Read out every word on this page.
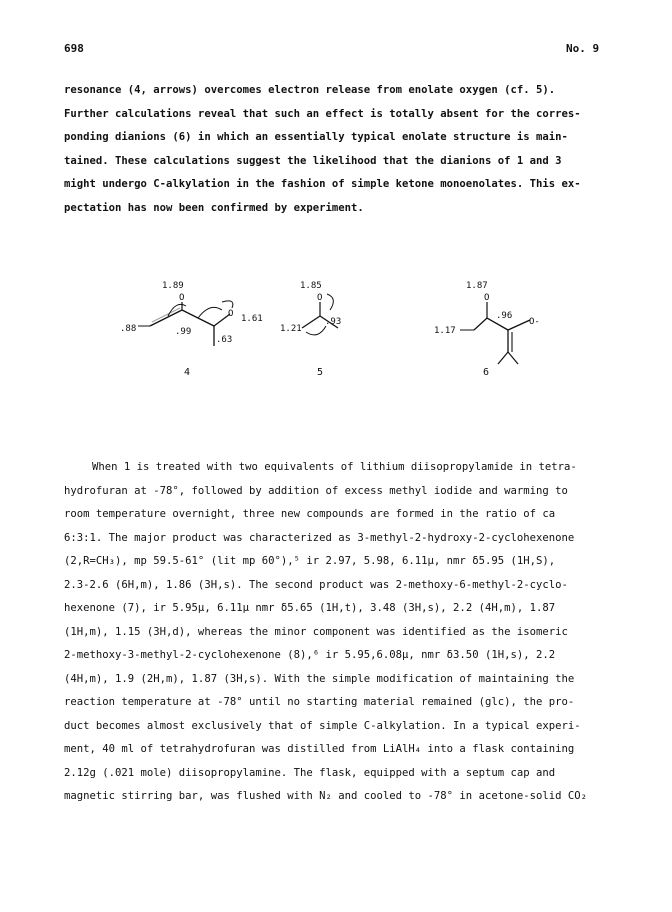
698	No. 9
resonance (4, arrows) overcomes electron release from enolate oxygen (cf. 5).
Further calculations reveal that such an effect is totally absent for the corres-
ponding dianions (6) in which an essentially typical enolate structure is main-
tained. These calculations suggest the likelihood that the dianions of 1 and 3
might undergo C-alkylation in the fashion of simple ketone monoenolates. This ex-
pectation has now been confirmed by experiment.
1.89
O
O 1.61
.88	.99
.63
4
1.85
O
.93
1.21
5
1.87
O
O-
.96
1.17
6
When 1 is treated with two equivalents of lithium diisopropylamide in tetra-
hydrofuran at -78°, followed by addition of excess methyl iodide and warming to
room temperature overnight, three new compounds are formed in the ratio of ca
6:3:1. The major product was characterized as 3-methyl-2-hydroxy-2-cyclohexenone
(2,R=CH₃), mp 59.5-61° (lit mp 60°),⁵ ir 2.97, 5.98, 6.11μ, nmr δ5.95 (1H,S),
2.3-2.6 (6H,m), 1.86 (3H,s). The second product was 2-methoxy-6-methyl-2-cyclo-
hexenone (7), ir 5.95μ, 6.11μ nmr δ5.65 (1H,t), 3.48 (3H,s), 2.2 (4H,m), 1.87
(1H,m), 1.15 (3H,d), whereas the minor component was identified as the isomeric
2-methoxy-3-methyl-2-cyclohexenone (8),⁶ ir 5.95,6.08μ, nmr δ3.50 (1H,s), 2.2
(4H,m), 1.9 (2H,m), 1.87 (3H,s). With the simple modification of maintaining the
reaction temperature at -78° until no starting material remained (glc), the pro-
duct becomes almost exclusively that of simple C-alkylation. In a typical experi-
ment, 40 ml of tetrahydrofuran was distilled from LiAlH₄ into a flask containing
2.12g (.021 mole) diisopropylamine. The flask, equipped with a septum cap and
magnetic stirring bar, was flushed with N₂ and cooled to -78° in acetone-solid CO₂
